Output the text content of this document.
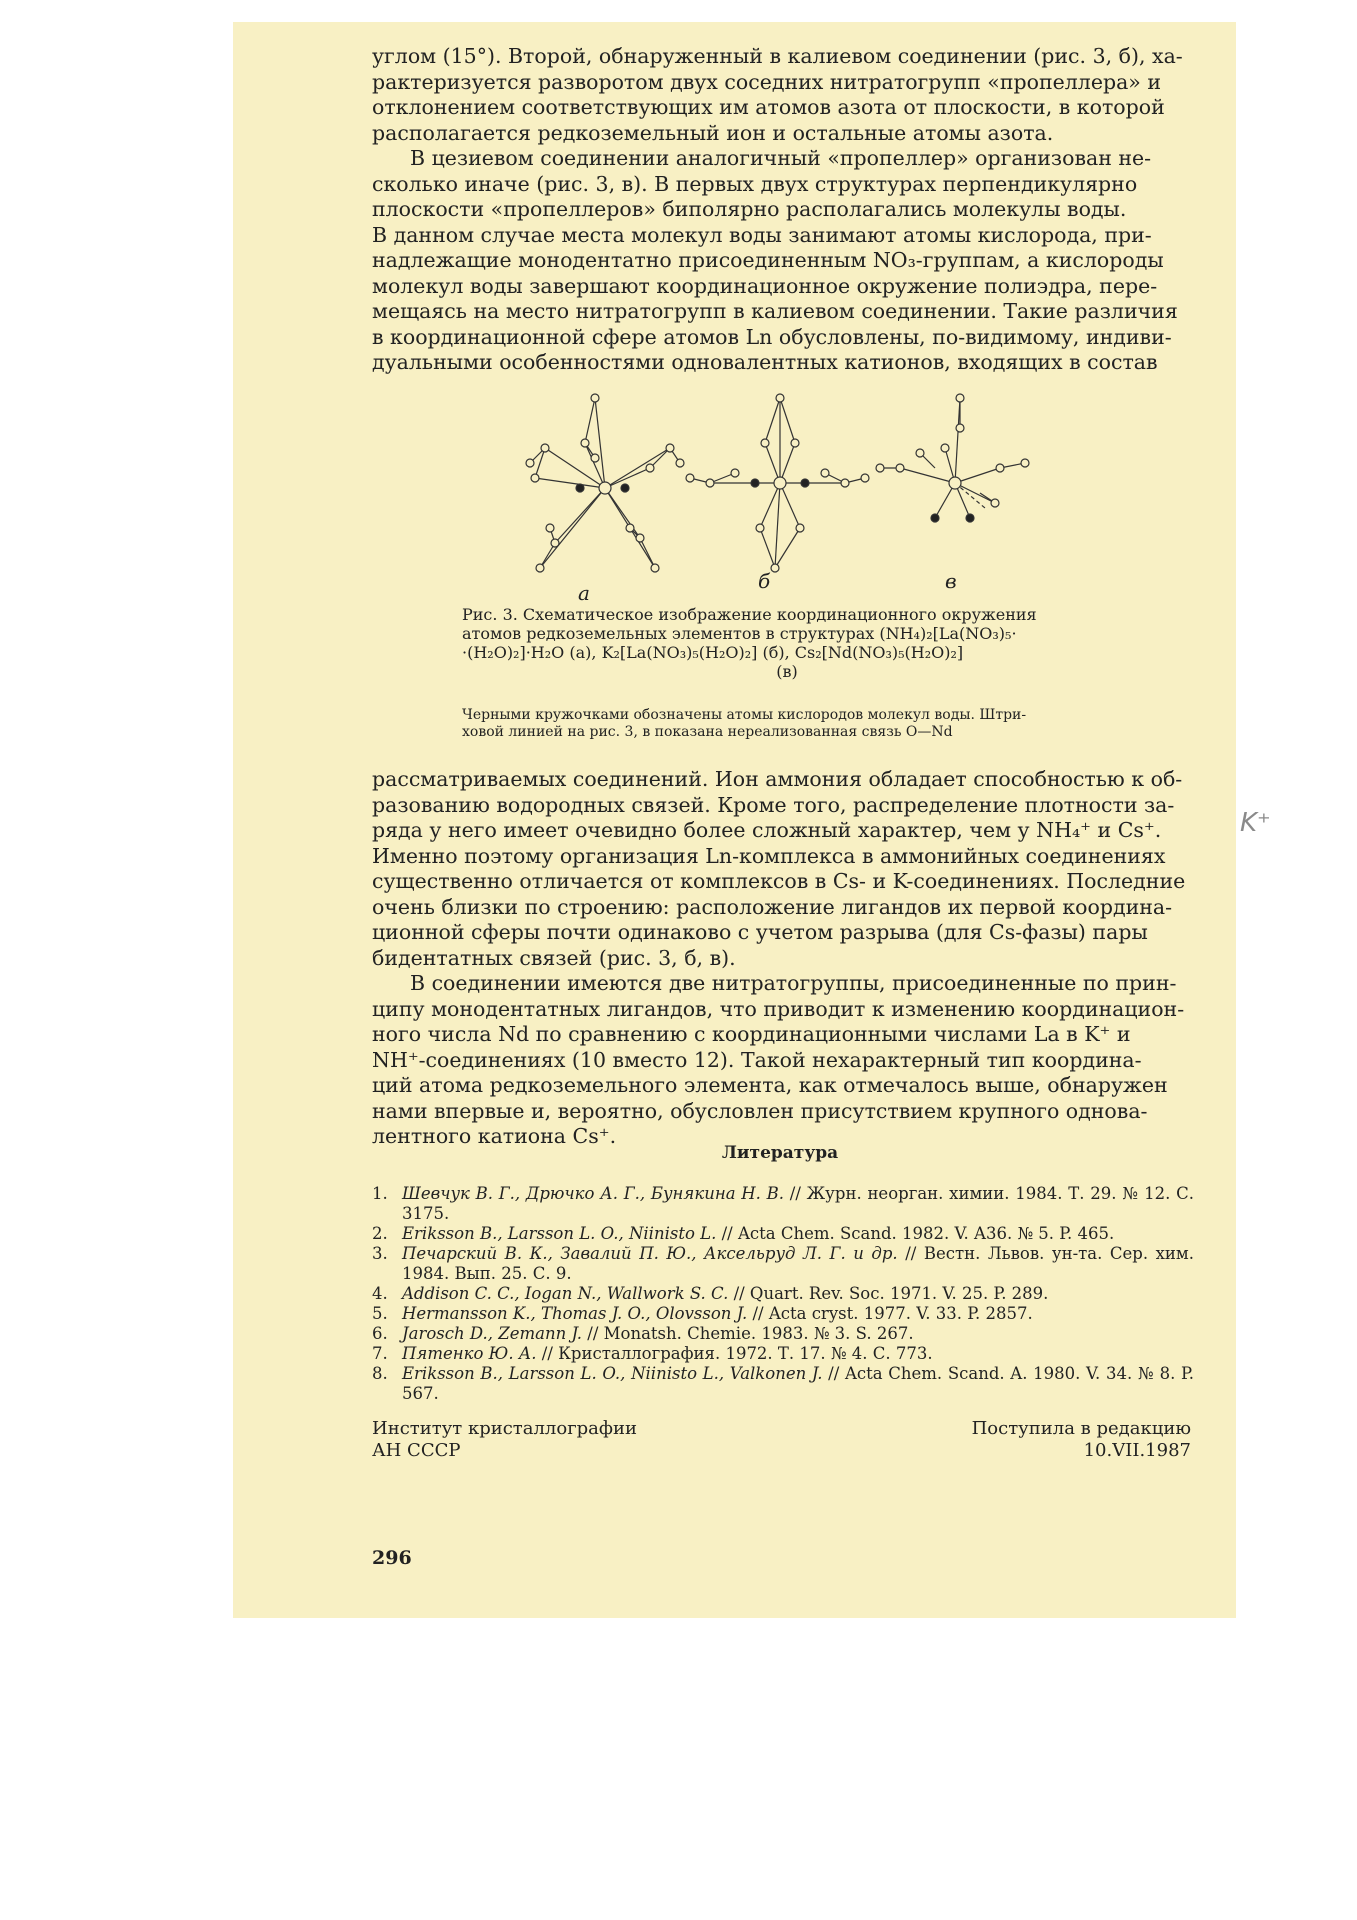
углом (15°). Второй, обнаруженный в калиевом соединении (рис. 3, б), ха-

рактеризуется разворотом двух соседних нитратогрупп «пропеллера» и

отклонением соответствующих им атомов азота от плоскости, в которой

располагается редкоземельный ион и остальные атомы азота.

В цезиевом соединении аналогичный «пропеллер» организован не-

сколько иначе (рис. 3, в). В первых двух структурах перпендикулярно

плоскости «пропеллеров» биполярно располагались молекулы воды.

В данном случае места молекул воды занимают атомы кислорода, при-

надлежащие монодентатно присоединенным NO₃-группам, а кислороды

молекул воды завершают координационное окружение полиэдра, пере-

мещаясь на место нитратогрупп в калиевом соединении. Такие различия

в координационной сфере атомов Ln обусловлены, по-видимому, индиви-

дуальными особенностями одновалентных катионов, входящих в состав

а	б	в
Рис. 3. Схематическое изображение координационного окружения
атомов редкоземельных элементов в структурах (NH₄)₂[La(NO₃)₅·
·(H₂O)₂]·H₂O (а), K₂[La(NO₃)₅(H₂O)₂] (б), Cs₂[Nd(NO₃)₅(H₂O)₂]
(в)
Черными кружочками обозначены атомы кислородов молекул воды. Штри-
ховой линией на рис. 3, в показана нереализованная связь O—Nd

рассматриваемых соединений. Ион аммония обладает способностью к об-

разованию водородных связей. Кроме того, распределение плотности за-

ряда у него имеет очевидно более сложный характер, чем у NH₄⁺ и Cs⁺.

Именно поэтому организация Ln-комплекса в аммонийных соединениях

существенно отличается от комплексов в Cs- и K-соединениях. Последние

очень близки по строению: расположение лигандов их первой координа-

ционной сферы почти одинаково с учетом разрыва (для Cs-фазы) пары

бидентатных связей (рис. 3, б, в).

В соединении имеются две нитратогруппы, присоединенные по прин-

ципу монодентатных лигандов, что приводит к изменению координацион-

ного числа Nd по сравнению с координационными числами La в K⁺ и

NH⁺-соединениях (10 вместо 12). Такой нехарактерный тип координа-

ций атома редкоземельного элемента, как отмечалось выше, обнаружен

нами впервые и, вероятно, обусловлен присутствием крупного однова-

лентного катиона Cs⁺.

K⁺
Литература
1. Шевчук В. Г., Дрючко А. Г., Бунякина Н. В. // Журн. неорган. химии. 1984. Т. 29. № 12. С. 3175.
2. Eriksson B., Larsson L. O., Niinisto L. // Acta Chem. Scand. 1982. V. A36. № 5. P. 465.
3. Печарский В. К., Завалий П. Ю., Аксельруд Л. Г. и др. // Вестн. Львов. ун-та. Сер. хим. 1984. Вып. 25. С. 9.
4. Addison C. C., Iogan N., Wallwork S. C. // Quart. Rev. Soc. 1971. V. 25. P. 289.
5. Hermansson K., Thomas J. O., Olovsson J. // Acta cryst. 1977. V. 33. P. 2857.
6. Jarosch D., Zemann J. // Monatsh. Chemie. 1983. № 3. S. 267.
7. Пятенко Ю. А. // Кристаллография. 1972. Т. 17. № 4. С. 773.
8. Eriksson B., Larsson L. O., Niinisto L., Valkonen J. // Acta Chem. Scand. A. 1980. V. 34. № 8. P. 567.
Институт кристаллографии
АН СССР
Поступила в редакцию
10.VII.1987
296
